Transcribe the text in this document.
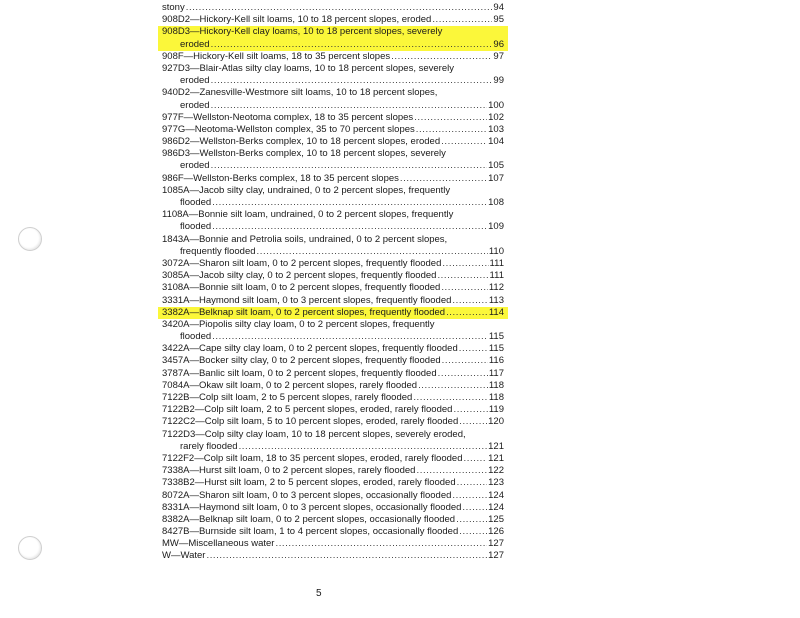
stony .....	94
908D2—Hickory-Kell silt loams, 10 to 18 percent slopes, eroded .....	95
908D3—Hickory-Kell clay loams, 10 to 18 percent slopes, severely
eroded .....	96
908F—Hickory-Kell silt loams, 18 to 35 percent slopes .....	97
927D3—Blair-Atlas silty clay loams, 10 to 18 percent slopes, severely
eroded .....	99
940D2—Zanesville-Westmore silt loams, 10 to 18 percent slopes,
eroded .....	100
977F—Wellston-Neotoma complex, 18 to 35 percent slopes .....	102
977G—Neotoma-Wellston complex, 35 to 70 percent slopes .....	103
986D2—Wellston-Berks complex, 10 to 18 percent slopes, eroded .....	104
986D3—Wellston-Berks complex, 10 to 18 percent slopes, severely
eroded .....	105
986F—Wellston-Berks complex, 18 to 35 percent slopes .....	107
1085A—Jacob silty clay, undrained, 0 to 2 percent slopes, frequently
flooded .....	108
1108A—Bonnie silt loam, undrained, 0 to 2 percent slopes, frequently
flooded .....	109
1843A—Bonnie and Petrolia soils, undrained, 0 to 2 percent slopes,
frequently flooded .....	110
3072A—Sharon silt loam, 0 to 2 percent slopes, frequently flooded .....	111
3085A—Jacob silty clay, 0 to 2 percent slopes, frequently flooded .....	111
3108A—Bonnie silt loam, 0 to 2 percent slopes, frequently flooded .....	112
3331A—Haymond silt loam, 0 to 3 percent slopes, frequently flooded .....	113
3382A—Belknap silt loam, 0 to 2 percent slopes, frequently flooded .....	114
3420A—Piopolis silty clay loam, 0 to 2 percent slopes, frequently
flooded .....	115
3422A—Cape silty clay loam, 0 to 2 percent slopes, frequently flooded .....	115
3457A—Bocker silty clay, 0 to 2 percent slopes, frequently flooded .....	116
3787A—Banlic silt loam, 0 to 2 percent slopes, frequently flooded .....	117
7084A—Okaw silt loam, 0 to 2 percent slopes, rarely flooded .....	118
7122B—Colp silt loam, 2 to 5 percent slopes, rarely flooded .....	118
7122B2—Colp silt loam, 2 to 5 percent slopes, eroded, rarely flooded .....	119
7122C2—Colp silt loam, 5 to 10 percent slopes, eroded, rarely flooded .....	120
7122D3—Colp silty clay loam, 10 to 18 percent slopes, severely eroded,
rarely flooded .....	121
7122F2—Colp silt loam, 18 to 35 percent slopes, eroded, rarely flooded .....	121
7338A—Hurst silt loam, 0 to 2 percent slopes, rarely flooded .....	122
7338B2—Hurst silt loam, 2 to 5 percent slopes, eroded, rarely flooded .....	123
8072A—Sharon silt loam, 0 to 3 percent slopes, occasionally flooded .....	124
8331A—Haymond silt loam, 0 to 3 percent slopes, occasionally flooded .....	124
8382A—Belknap silt loam, 0 to 2 percent slopes, occasionally flooded .....	125
8427B—Burnside silt loam, 1 to 4 percent slopes, occasionally flooded .....	126
MW—Miscellaneous water .....	127
W—Water .....	127
5
